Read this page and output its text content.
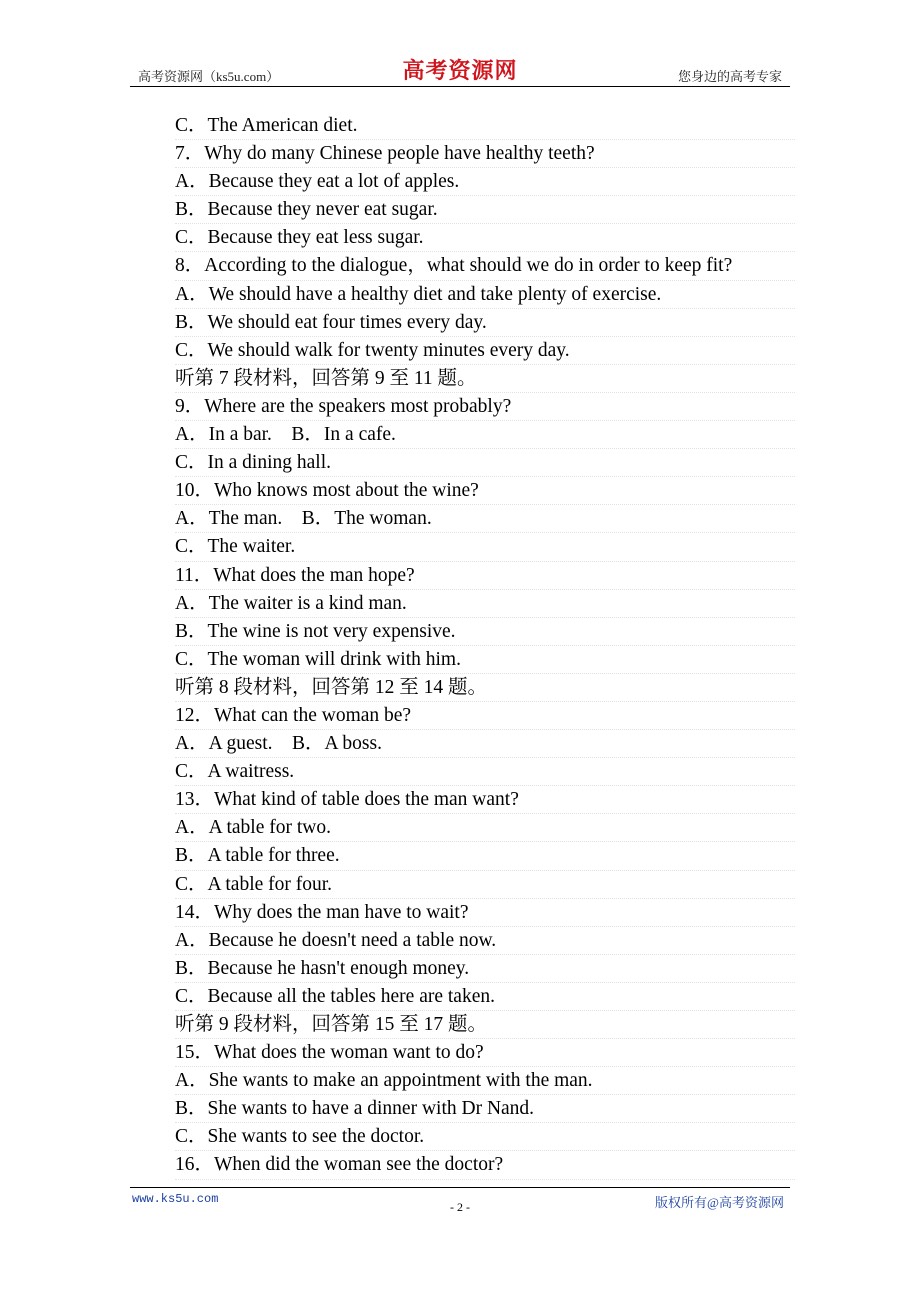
高考资源网（ks5u.com）	高考资源网	您身边的高考专家
C．The American diet.
7．Why do many Chinese people have healthy teeth?
A．Because they eat a lot of apples.
B．Because they never eat sugar.
C．Because they eat less sugar.
8．According to the dialogue，what should we do in order to keep fit?
A．We should have a healthy diet and take plenty of exercise.
B．We should eat four times every day.
C．We should walk for twenty minutes every day.
听第 7 段材料，回答第 9 至 11 题。
9．Where are the speakers most probably?
A．In a bar.    B．In a cafe.
C．In a dining hall.
10．Who knows most about the wine?
A．The man.    B．The woman.
C．The waiter.
11．What does the man hope?
A．The waiter is a kind man.
B．The wine is not very expensive.
C．The woman will drink with him.
听第 8 段材料，回答第 12 至 14 题。
12．What can the woman be?
A．A guest.    B．A boss.
C．A waitress.
13．What kind of table does the man want?
A．A table for two.
B．A table for three.
C．A table for four.
14．Why does the man have to wait?
A．Because he doesn't need a table now.
B．Because he hasn't enough money.
C．Because all the tables here are taken.
听第 9 段材料，回答第 15 至 17 题。
15．What does the woman want to do?
A．She wants to make an appointment with the man.
B．She wants to have a dinner with Dr Nand.
C．She wants to see the doctor.
16．When did the woman see the doctor?
www.ks5u.com
- 2 -	版权所有@高考资源网
